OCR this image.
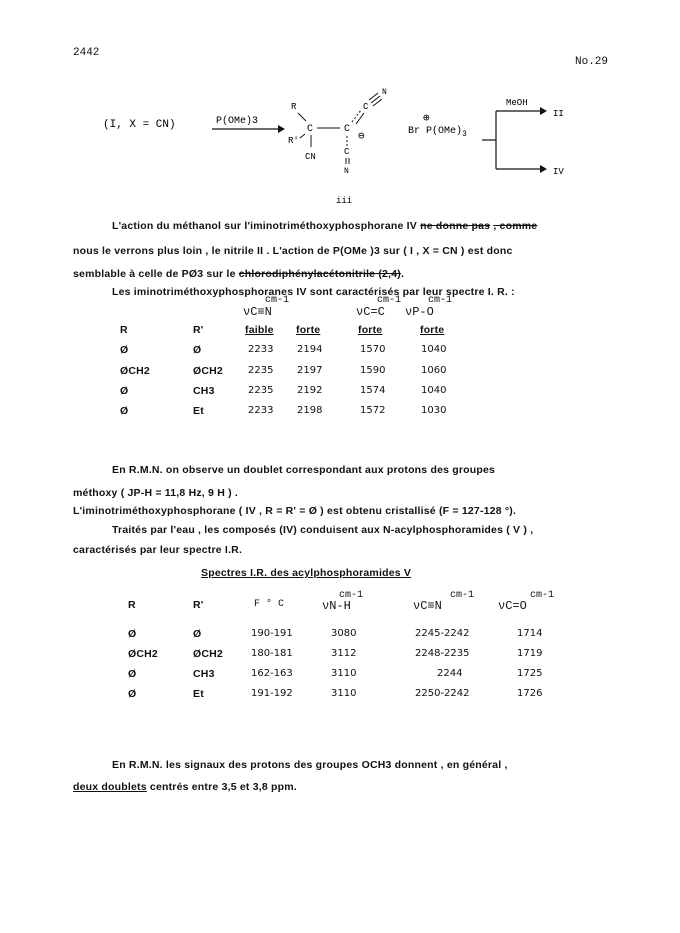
2442
No.29
(I, X = CN)	P(OMe)3
R
C
R'
CN
C
C
N
⊖
C
N
⊕
Br $P(OMe)_3$
MeOH
II
IV
iii
L'action du méthanol sur l'iminotriméthoxyphosphorane IV ne donne pas , comme
nous le verrons plus loin , le nitrile II . L'action de P(OMe )3 sur ( I , X = CN ) est donc
semblable à celle de PØ3 sur le chlorodiphénylacétonitrile (2,4).
Les iminotriméthoxyphosphoranes IV sont caractérisés par leur spectre I. R. :
cm-1	cm-1	cm-1
νC≡N	νC=C νP-O
R	R'	faible forte	forte	forte
Ø	Ø	2233 2194	1570	1040
ØCH2	ØCH2	2235 2197	1590	1060
Ø	CH3	2235 2192	1574	1040
Ø	Et	2233 2198	1572	1030
En R.M.N. on observe un doublet correspondant aux protons des groupes
méthoxy ( JP-H = 11,8 Hz, 9 H ) .
L'iminotriméthoxyphosphorane ( IV , R = R' = Ø ) est obtenu cristallisé (F = 127-128 °).
Traités par l'eau , les composés (IV) conduisent aux N-acylphosphoramides ( V ) ,
caractérisés par leur spectre I.R.
Spectres I.R. des acylphosphoramides V
cm-1	cm-1	cm-1
R	R'	F ° C	νN-H	νC≡N	νC=O
Ø	Ø	190-191	3080	2245-2242	1714
ØCH2	ØCH2	180-181	3112	2248-2235	1719
Ø	CH3	162-163	3110	2244	1725
Ø	Et	191-192	3110	2250-2242	1726
En R.M.N. les signaux des protons des groupes OCH3 donnent , en général ,
deux doublets centrés entre 3,5 et 3,8 ppm.
